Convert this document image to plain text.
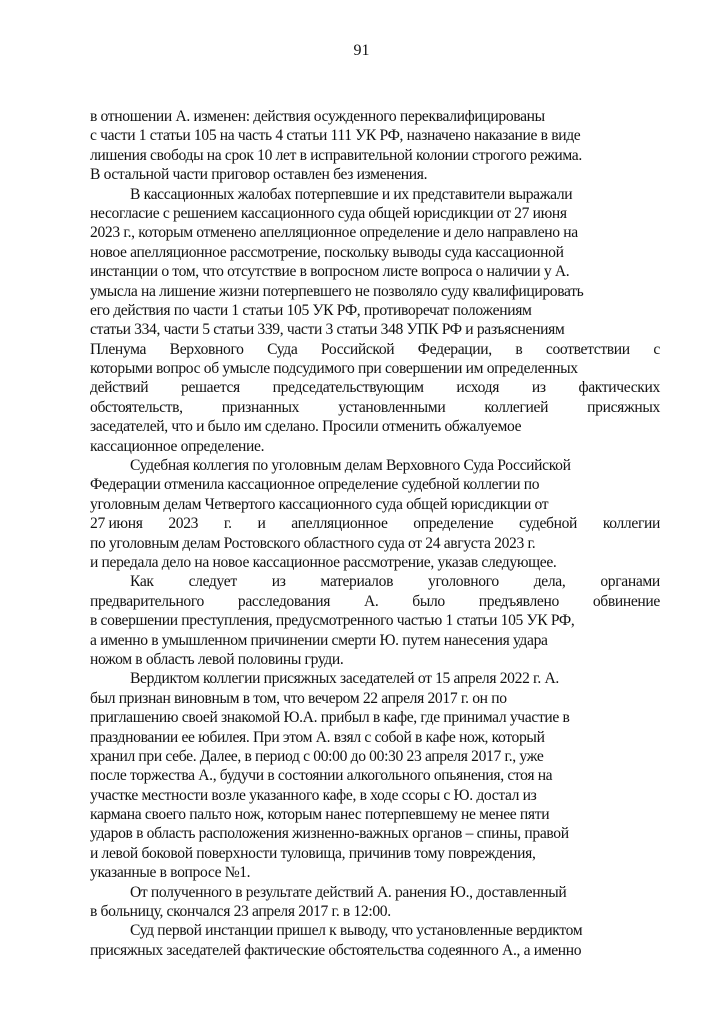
91
в отношении А. изменен: действия осужденного переквалифицированы
с части 1 статьи 105 на часть 4 статьи 111 УК РФ, назначено наказание в виде
лишения свободы на срок 10 лет в исправительной колонии строгого режима.
В остальной части приговор оставлен без изменения.
В кассационных жалобах потерпевшие и их представители выражали
несогласие с решением кассационного суда общей юрисдикции от 27 июня
2023 г., которым отменено апелляционное определение и дело направлено на
новое апелляционное рассмотрение, поскольку выводы суда кассационной
инстанции о том, что отсутствие в вопросном листе вопроса о наличии у А.
умысла на лишение жизни потерпевшего не позволяло суду квалифицировать
его действия по части 1 статьи 105 УК РФ, противоречат положениям
статьи 334, части 5 статьи 339, части 3 статьи 348 УПК РФ и разъяснениям
Пленума Верховного Суда Российской Федерации, в соответствии с
которыми вопрос об умысле подсудимого при совершении им определенных
действий решается председательствующим исходя из фактических
обстоятельств,	признанных	установленными	коллегией	присяжных
заседателей, что и было им сделано. Просили отменить обжалуемое
кассационное определение.
Судебная коллегия по уголовным делам Верховного Суда Российской
Федерации отменила кассационное определение судебной коллегии по
уголовным делам Четвертого кассационного суда общей юрисдикции от
27 июня 2023 г. и апелляционное определение судебной коллегии
по уголовным делам Ростовского областного суда от 24 августа 2023 г.
и передала дело на новое кассационное рассмотрение, указав следующее.
Как следует из материалов уголовного дела, органами
предварительного расследования А. было предъявлено обвинение
в совершении преступления, предусмотренного частью 1 статьи 105 УК РФ,
а именно в умышленном причинении смерти Ю. путем нанесения удара
ножом в область левой половины груди.
Вердиктом коллегии присяжных заседателей от 15 апреля 2022 г. А.
был признан виновным в том, что вечером 22 апреля 2017 г. он по
приглашению своей знакомой Ю.А. прибыл в кафе, где принимал участие в
праздновании ее юбилея. При этом А. взял с собой в кафе нож, который
хранил при себе. Далее, в период с 00:00 до 00:30 23 апреля 2017 г., уже
после торжества А., будучи в состоянии алкогольного опьянения, стоя на
участке местности возле указанного кафе, в ходе ссоры с Ю. достал из
кармана своего пальто нож, которым нанес потерпевшему не менее пяти
ударов в область расположения жизненно-важных органов – спины, правой
и левой боковой поверхности туловища, причинив тому повреждения,
указанные в вопросе №1.
От полученного в результате действий А. ранения Ю., доставленный
в больницу, скончался 23 апреля 2017 г. в 12:00.
Суд первой инстанции пришел к выводу, что установленные вердиктом
присяжных заседателей фактические обстоятельства содеянного А., а именно
